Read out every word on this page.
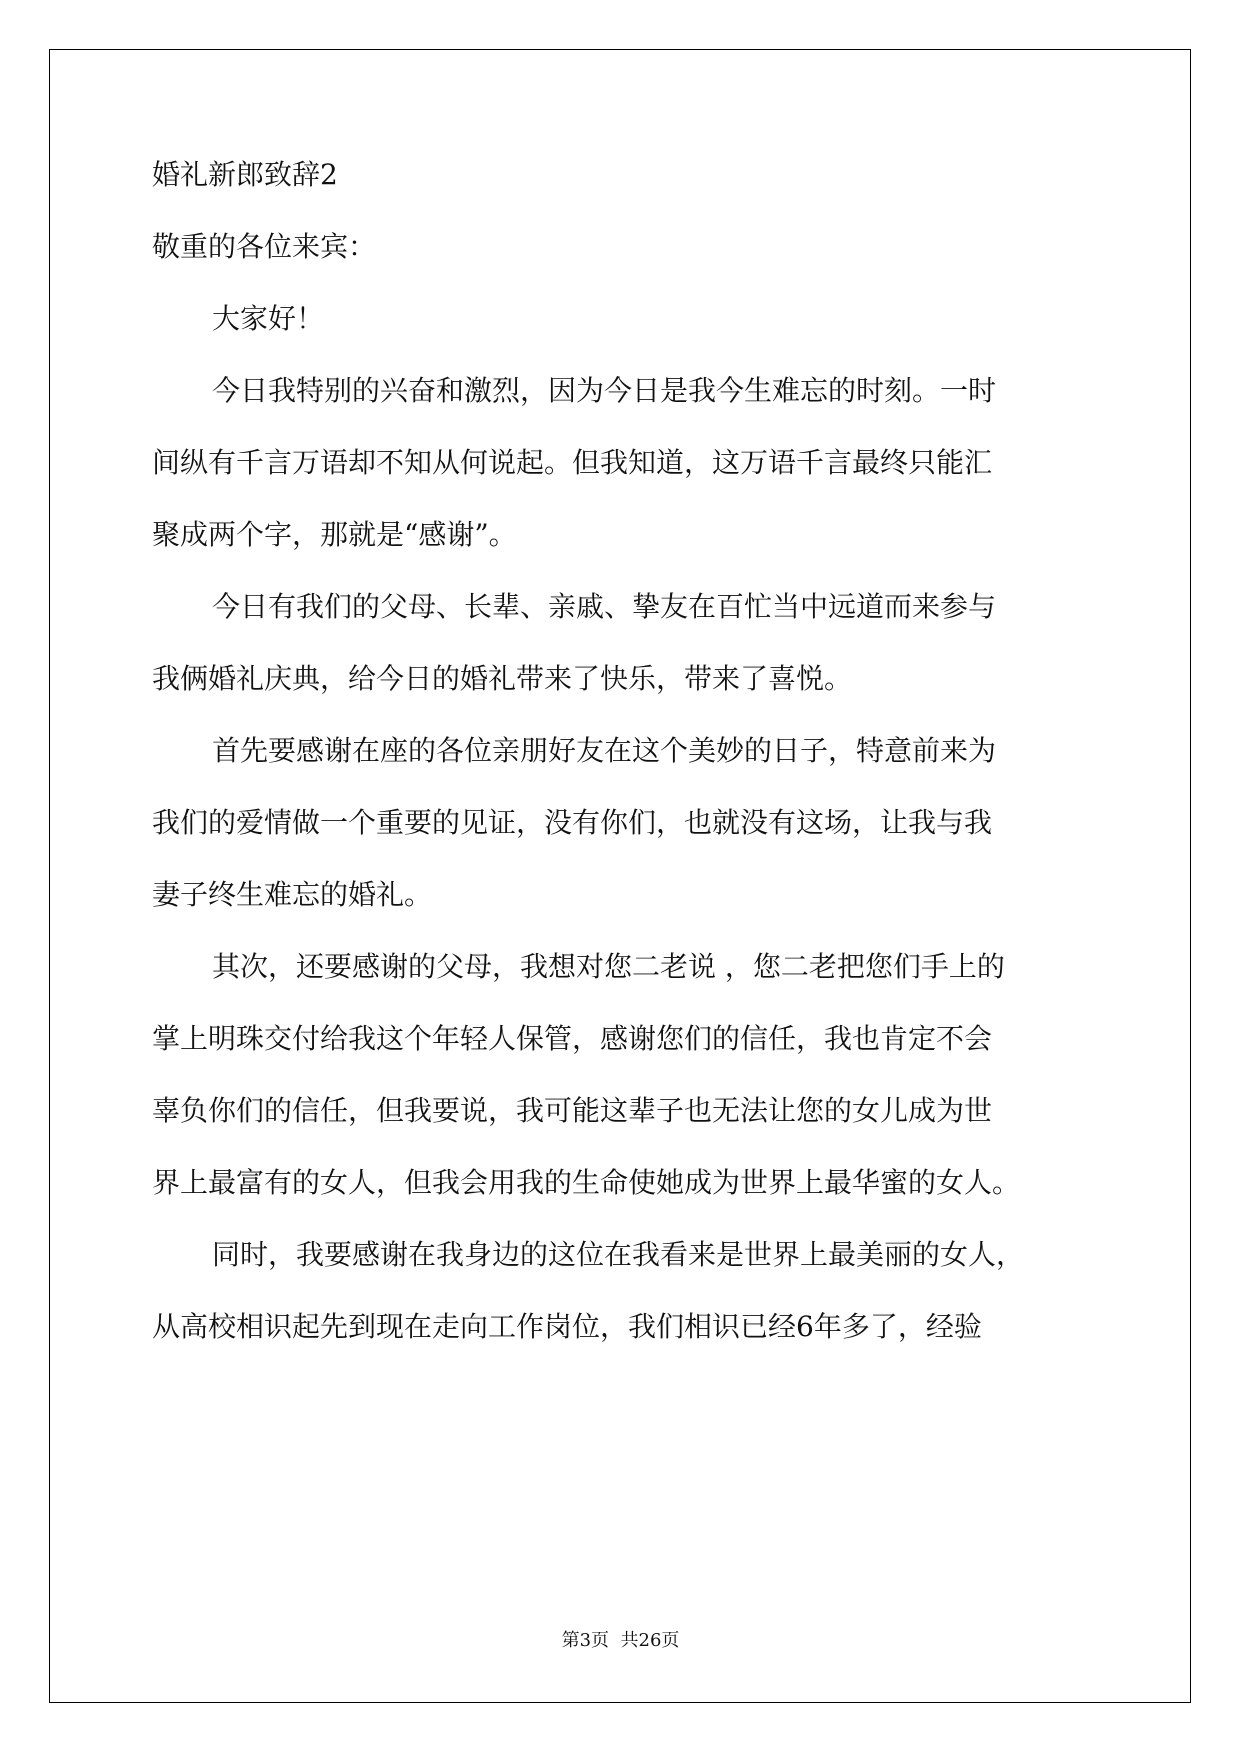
婚礼新郎致辞2

敬重的各位来宾：

大家好！

今日我特别的兴奋和激烈，因为今日是我今生难忘的时刻。一时

间纵有千言万语却不知从何说起。但我知道，这万语千言最终只能汇

聚成两个字，那就是“感谢”。

今日有我们的父母、长辈、亲戚、挚友在百忙当中远道而来参与

我俩婚礼庆典，给今日的婚礼带来了快乐，带来了喜悦。

首先要感谢在座的各位亲朋好友在这个美妙的日子，特意前来为

我们的爱情做一个重要的见证，没有你们，也就没有这场，让我与我

妻子终生难忘的婚礼。

其次，还要感谢的父母，我想对您二老说 ，您二老把您们手上的

掌上明珠交付给我这个年轻人保管，感谢您们的信任，我也肯定不会

辜负你们的信任，但我要说，我可能这辈子也无法让您的女儿成为世

界上最富有的女人，但我会用我的生命使她成为世界上最华蜜的女人。

同时，我要感谢在我身边的这位在我看来是世界上最美丽的女人，

从高校相识起先到现在走向工作岗位，我们相识已经6年多了，经验

第3页  共26页
